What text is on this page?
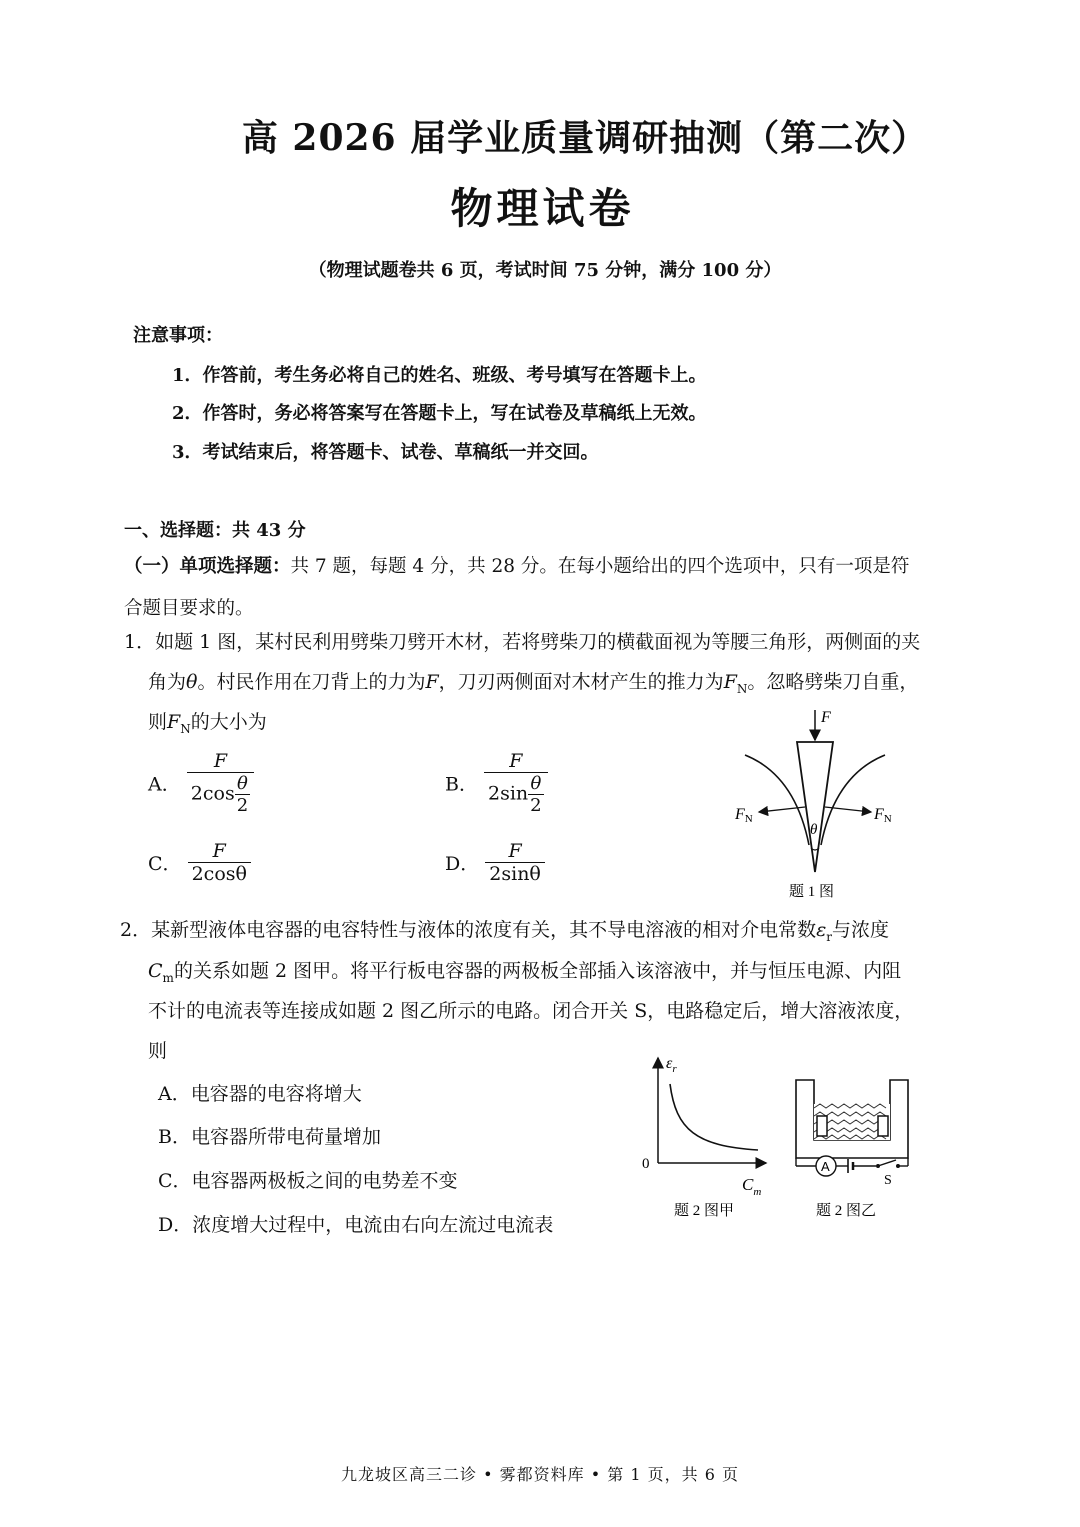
高 2026 届学业质量调研抽测（第二次）
物理试卷
（物理试题卷共 6 页，考试时间 75 分钟，满分 100 分）
注意事项：
1．作答前，考生务必将自己的姓名、班级、考号填写在答题卡上。
2．作答时，务必将答案写在答题卡上，写在试卷及草稿纸上无效。
3．考试结束后，将答题卡、试卷、草稿纸一并交回。
一、选择题：共 43 分
（一）单项选择题：共 7 题，每题 4 分，共 28 分。在每小题给出的四个选项中，只有一项是符
合题目要求的。
1．如题 1 图，某村民利用劈柴刀劈开木材，若将劈柴刀的横截面视为等腰三角形，两侧面的夹
角为θ。村民作用在刀背上的力为F，刀刃两侧面对木材产生的推力为$F_N$。忽略劈柴刀自重，
则$F_N$的大小为
A． $\frac{F}{2\cos \frac{\theta}{2}}$	B． $\frac{F}{2\sin \frac{\theta}{2}}$
C． $\frac{F}{2\cos\theta}$	D． $\frac{F}{2\sin\theta}$
F
FN	FN
θ
题 1 图
2．某新型液体电容器的电容特性与液体的浓度有关，其不导电溶液的相对介电常数$\varepsilon_r$与浓度
$C_m$的关系如题 2 图甲。将平行板电容器的两极板全部插入该溶液中，并与恒压电源、内阻
不计的电流表等连接成如题 2 图乙所示的电路。闭合开关 S，电路稳定后，增大溶液浓度，
则
A．电容器的电容将增大
B．电容器所带电荷量增加
C．电容器两极板之间的电势差不变
D．浓度增大过程中，电流由右向左流过电流表
$\varepsilon_r$
0
$C_m$
题 2 图甲
A
S
题 2 图乙
九龙坡区高三二诊 • 雾都资料库 • 第 1 页，共 6 页
